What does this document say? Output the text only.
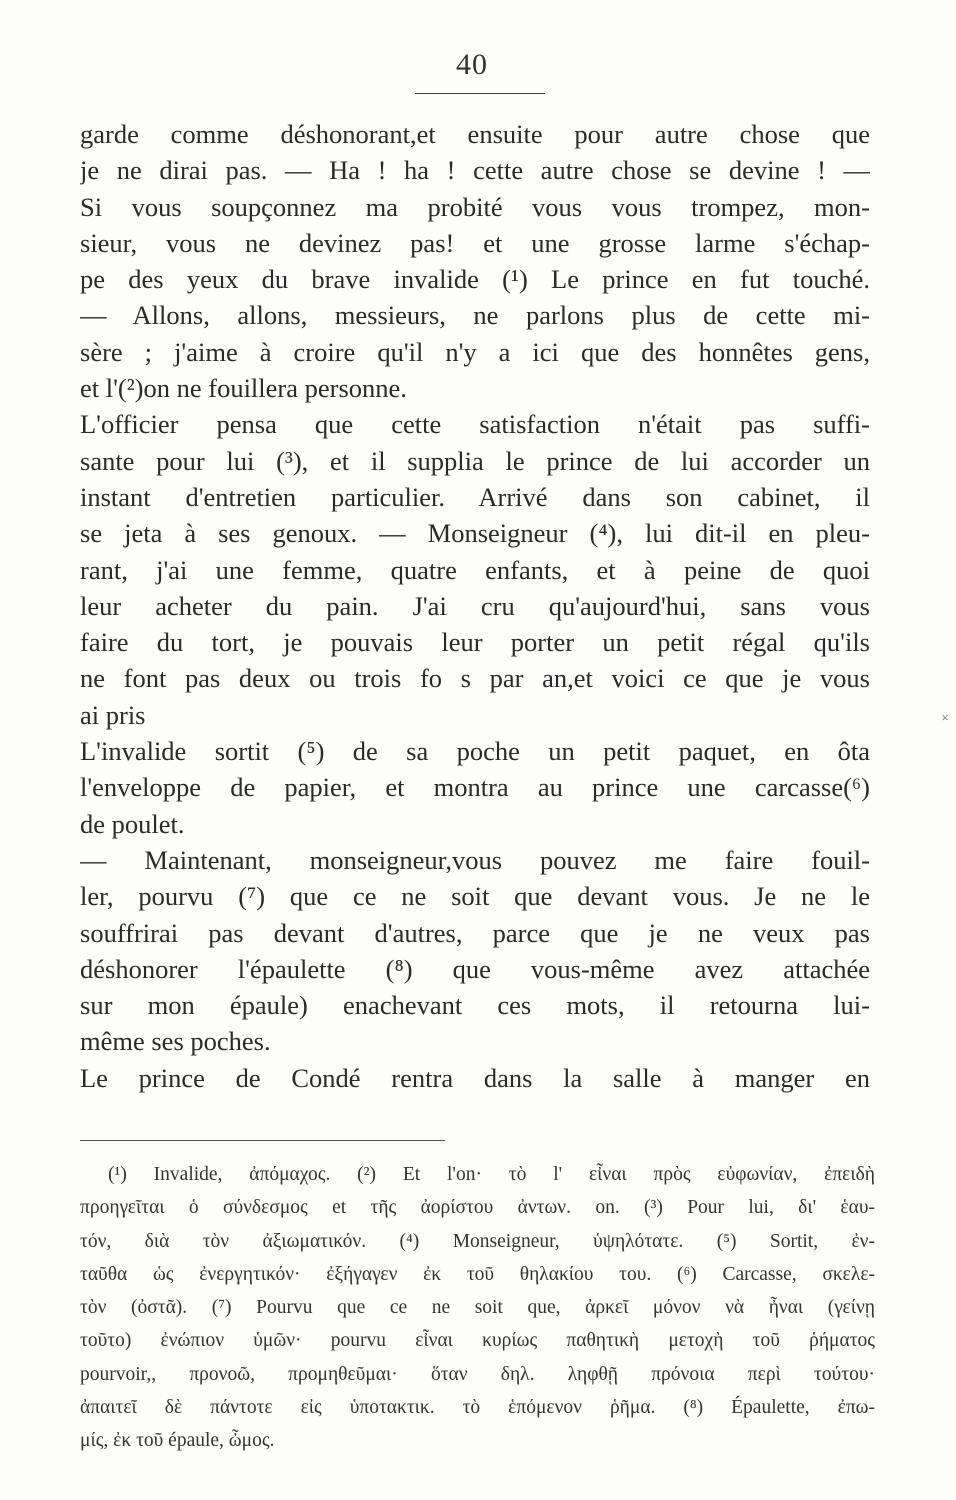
40
garde comme déshonorant,et ensuite pour autre chose que
je ne dirai pas. — Ha ! ha ! cette autre chose se devine ! —
Si vous soupçonnez ma probité vous vous trompez, mon-
sieur, vous ne devinez pas! et une grosse larme s'échap-
pe des yeux du brave invalide (¹) Le prince en fut touché.
— Allons, allons, messieurs, ne parlons plus de cette mi-
sère ; j'aime à croire qu'il n'y a ici que des honnêtes gens,
et l'(²)on ne fouillera personne.
L'officier pensa que cette satisfaction n'était pas suffi-
sante pour lui (³), et il supplia le prince de lui accorder un
instant d'entretien particulier. Arrivé dans son cabinet, il
se jeta à ses genoux. — Monseigneur (⁴), lui dit-il en pleu-
rant, j'ai une femme, quatre enfants, et à peine de quoi
leur acheter du pain. J'ai cru qu'aujourd'hui, sans vous
faire du tort, je pouvais leur porter un petit régal qu'ils
ne font pas deux ou trois fo s par an,et voici ce que je vous
ai pris
L'invalide sortit (⁵) de sa poche un petit paquet, en ôta
l'enveloppe de papier, et montra au prince une carcasse(⁶)
de poulet.
— Maintenant, monseigneur,vous pouvez me faire fouil-
ler, pourvu (⁷) que ce ne soit que devant vous. Je ne le
souffrirai pas devant d'autres, parce que je ne veux pas
déshonorer l'épaulette (⁸) que vous-même avez attachée
sur mon épaule) enachevant ces mots, il retourna lui-
même ses poches.
Le prince de Condé rentra dans la salle à manger en
(¹) Invalide, ἀπόμαχος. (²) Et l'on· τὸ l' εἶναι πρὸς εὐφωνίαν, ἐπειδὴ
προηγεῖται ὁ σύνδεσμος et τῆς ἀορίστου ἀντων. on. (³) Pour lui, δι' ἑαυ-
τόν, διὰ τὸν ἀξιωματικόν. (⁴) Monseigneur, ὑψηλότατε. (⁵) Sortit, ἐν-
ταῦθα ὡς ἐνεργητικόν· ἐξήγαγεν ἐκ τοῦ θηλακίου του. (⁶) Carcasse, σκελε-
τὸν (ὀστᾶ). (⁷) Pourvu que ce ne soit que, ἀρκεῖ μόνον νὰ ἦναι (γείνῃ
τοῦτο) ἐνώπιον ὑμῶν· pourvu εἶναι κυρίως παθητικὴ μετοχὴ τοῦ ῥήματος
pourvoir,, προνοῶ, προμηθεῦμαι· ὅταν δηλ. ληφθῇ πρόνοια περὶ τούτου·
ἀπαιτεῖ δὲ πάντοτε εἰς ὑποτακτικ. τὸ ἑπόμενον ῥῆμα. (⁸) Épaulette, ἐπω-
μίς, ἐκ τοῦ épaule, ὦμος.
˟
